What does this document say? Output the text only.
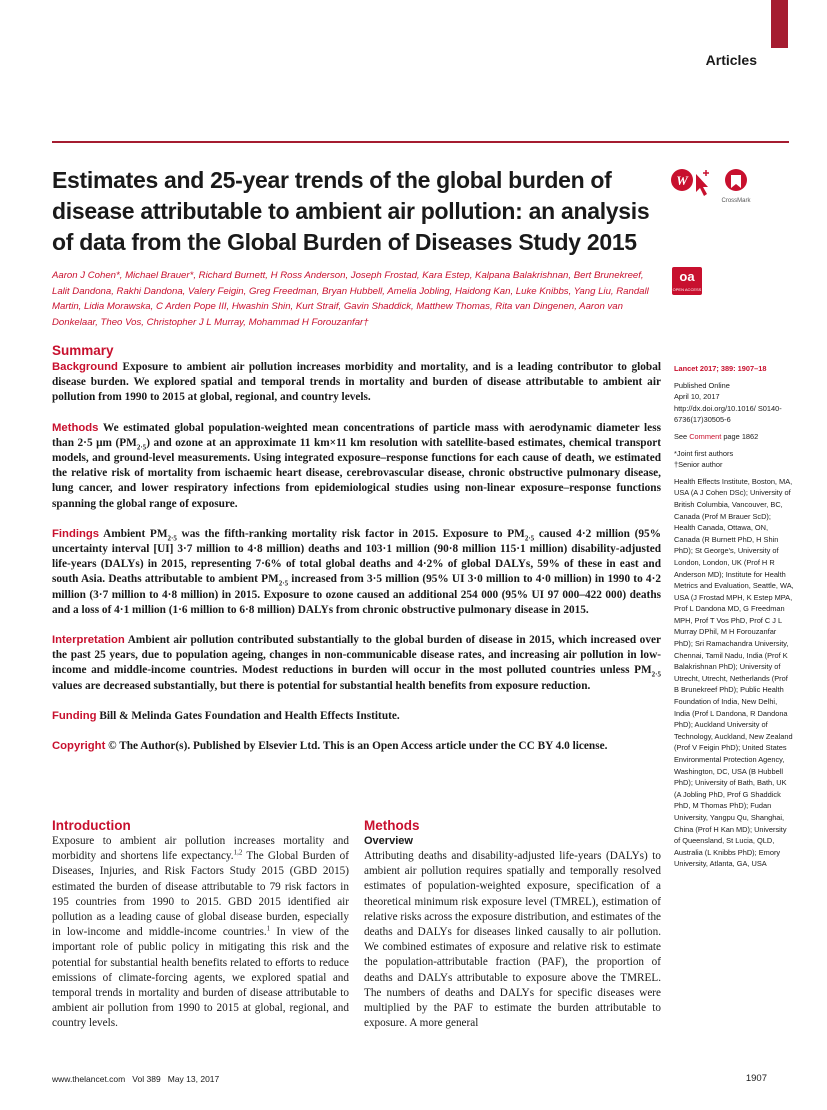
Articles
Estimates and 25-year trends of the global burden of disease attributable to ambient air pollution: an analysis of data from the Global Burden of Diseases Study 2015
W
CrossMark
oa
OPEN ACCESS
Aaron J Cohen*, Michael Brauer*, Richard Burnett, H Ross Anderson, Joseph Frostad, Kara Estep, Kalpana Balakrishnan, Bert Brunekreef, Lalit Dandona, Rakhi Dandona, Valery Feigin, Greg Freedman, Bryan Hubbell, Amelia Jobling, Haidong Kan, Luke Knibbs, Yang Liu, Randall Martin, Lidia Morawska, C Arden Pope III, Hwashin Shin, Kurt Straif, Gavin Shaddick, Matthew Thomas, Rita van Dingenen, Aaron van Donkelaar, Theo Vos, Christopher J L Murray, Mohammad H Forouzanfar†
Summary

Background Exposure to ambient air pollution increases morbidity and mortality, and is a leading contributor to global disease burden. We explored spatial and temporal trends in mortality and burden of disease attributable to ambient air pollution from 1990 to 2015 at global, regional, and country levels.

Methods We estimated global population-weighted mean concentrations of particle mass with aerodynamic diameter less than 2·5 μm $(PM_{2\cdot 5})$ and ozone at an approximate 11 km×11 km resolution with satellite-based estimates, chemical transport models, and ground-level measurements. Using integrated exposure–response functions for each cause of death, we estimated the relative risk of mortality from ischaemic heart disease, cerebrovascular disease, chronic obstructive pulmonary disease, lung cancer, and lower respiratory infections from epidemiological studies using non-linear exposure–response functions spanning the global range of exposure.

Findings Ambient $PM_{2\cdot 5}$ was the fifth-ranking mortality risk factor in 2015. Exposure to $PM_{2\cdot 5}$ caused 4·2 million (95% uncertainty interval [UI] 3·7 million to 4·8 million) deaths and 103·1 million (90·8 million 115·1 million) disability-adjusted life-years (DALYs) in 2015, representing 7·6% of total global deaths and 4·2% of global DALYs, 59% of these in east and south Asia. Deaths attributable to ambient $PM_{2\cdot 5}$ increased from 3·5 million (95% UI 3·0 million to 4·0 million) in 1990 to 4·2 million (3·7 million to 4·8 million) in 2015. Exposure to ozone caused an additional 254 000 (95% UI 97 000–422 000) deaths and a loss of 4·1 million (1·6 million to 6·8 million) DALYs from chronic obstructive pulmonary disease in 2015.

Interpretation Ambient air pollution contributed substantially to the global burden of disease in 2015, which increased over the past 25 years, due to population ageing, changes in non-communicable disease rates, and increasing air pollution in low-income and middle-income countries. Modest reductions in burden will occur in the most polluted countries unless $PM_{2\cdot 5}$ values are decreased substantially, but there is potential for substantial health benefits from exposure reduction.

Funding Bill & Melinda Gates Foundation and Health Effects Institute.

Copyright © The Author(s). Published by Elsevier Ltd. This is an Open Access article under the CC BY 4.0 license.

Introduction
Exposure to ambient air pollution increases mortality and morbidity and shortens life expectancy.$^{1,2}$ The Global Burden of Diseases, Injuries, and Risk Factors Study 2015 (GBD 2015) estimated the burden of disease attributable to 79 risk factors in 195 countries from 1990 to 2015. GBD 2015 identified air pollution as a leading cause of global disease burden, especially in low-income and middle-income countries.$^1$ In view of the important role of public policy in mitigating this risk and the potential for substantial health benefits related to efforts to reduce emissions of climate-forcing agents, we explored spatial and temporal trends in mortality and burden of disease attributable to ambient air pollution from 1990 to 2015 at global, regional, and country levels.
Methods
Overview
Attributing deaths and disability-adjusted life-years (DALYs) to ambient air pollution requires spatially and temporally resolved estimates of population-weighted exposure, specification of a theoretical minimum risk exposure level (TMREL), estimation of relative risks across the exposure distribution, and estimates of the deaths and DALYs for diseases linked causally to air pollution. We combined estimates of exposure and relative risk to estimate the population-attributable fraction (PAF), the proportion of deaths and DALYs attributable to exposure above the TMREL. The numbers of deaths and DALYs for specific diseases were multiplied by the PAF to estimate the burden attributable to exposure. A more general

Lancet 2017; 389: 1907–18

Published Online
April 10, 2017
http://dx.doi.org/10.1016/ S0140-6736(17)30505-6

See Comment page 1862

*Joint first authors
†Senior author

Health Effects Institute, Boston, MA, USA (A J Cohen DSc); University of British Columbia, Vancouver, BC, Canada (Prof M Brauer ScD); Health Canada, Ottawa, ON, Canada (R Burnett PhD, H Shin PhD); St George's, University of London, London, UK (Prof H R Anderson MD); Institute for Health Metrics and Evaluation, Seattle, WA, USA (J Frostad MPH, K Estep MPA, Prof L Dandona MD, G Freedman MPH, Prof T Vos PhD, Prof C J L Murray DPhil, M H Forouzanfar PhD); Sri Ramachandra University, Chennai, Tamil Nadu, India (Prof K Balakrishnan PhD); University of Utrecht, Utrecht, Netherlands (Prof B Brunekreef PhD); Public Health Foundation of India, New Delhi, India (Prof L Dandona, R Dandona PhD); Auckland University of Technology, Auckland, New Zealand (Prof V Feigin PhD); United States Environmental Protection Agency, Washington, DC, USA (B Hubbell PhD); University of Bath, Bath, UK (A Jobling PhD, Prof G Shaddick PhD, M Thomas PhD); Fudan University, Yangpu Qu, Shanghai, China (Prof H Kan MD); University of Queensland, St Lucia, QLD, Australia (L Knibbs PhD); Emory University, Atlanta, GA, USA

www.thelancet.com   Vol 389   May 13, 2017	1907
